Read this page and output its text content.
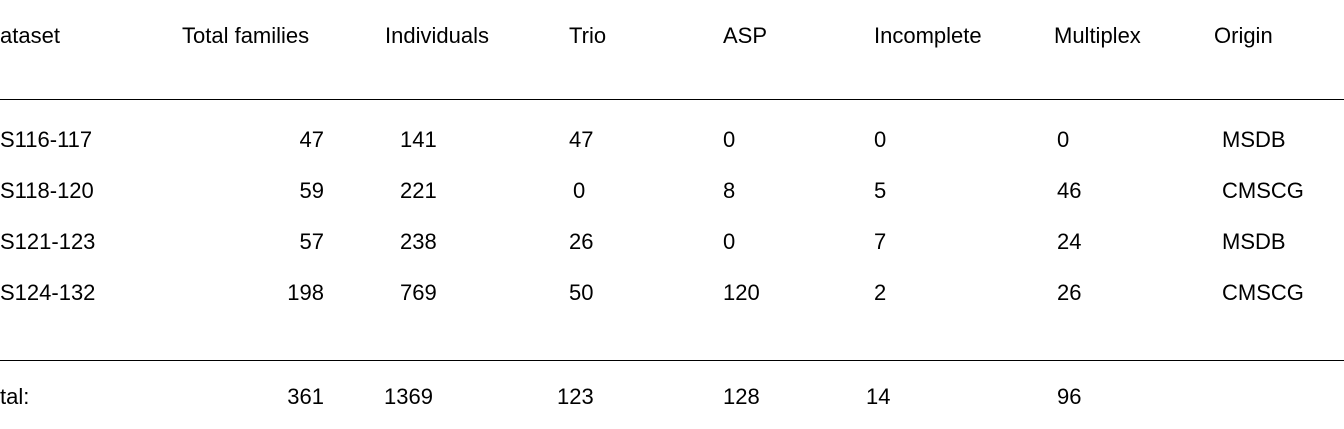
ataset	Total families	Individuals	Trio	ASP	Incomplete	Multiplex	Origin
S116-117	47	141	47	0	0	0	MSDB
S118-120	59	221	0	8	5	46	CMSCG
S121-123	57	238	26	0	7	24	MSDB
S124-132	198	769	50	120	2	26	CMSCG
tal:	361	1369	123	128	14	96
